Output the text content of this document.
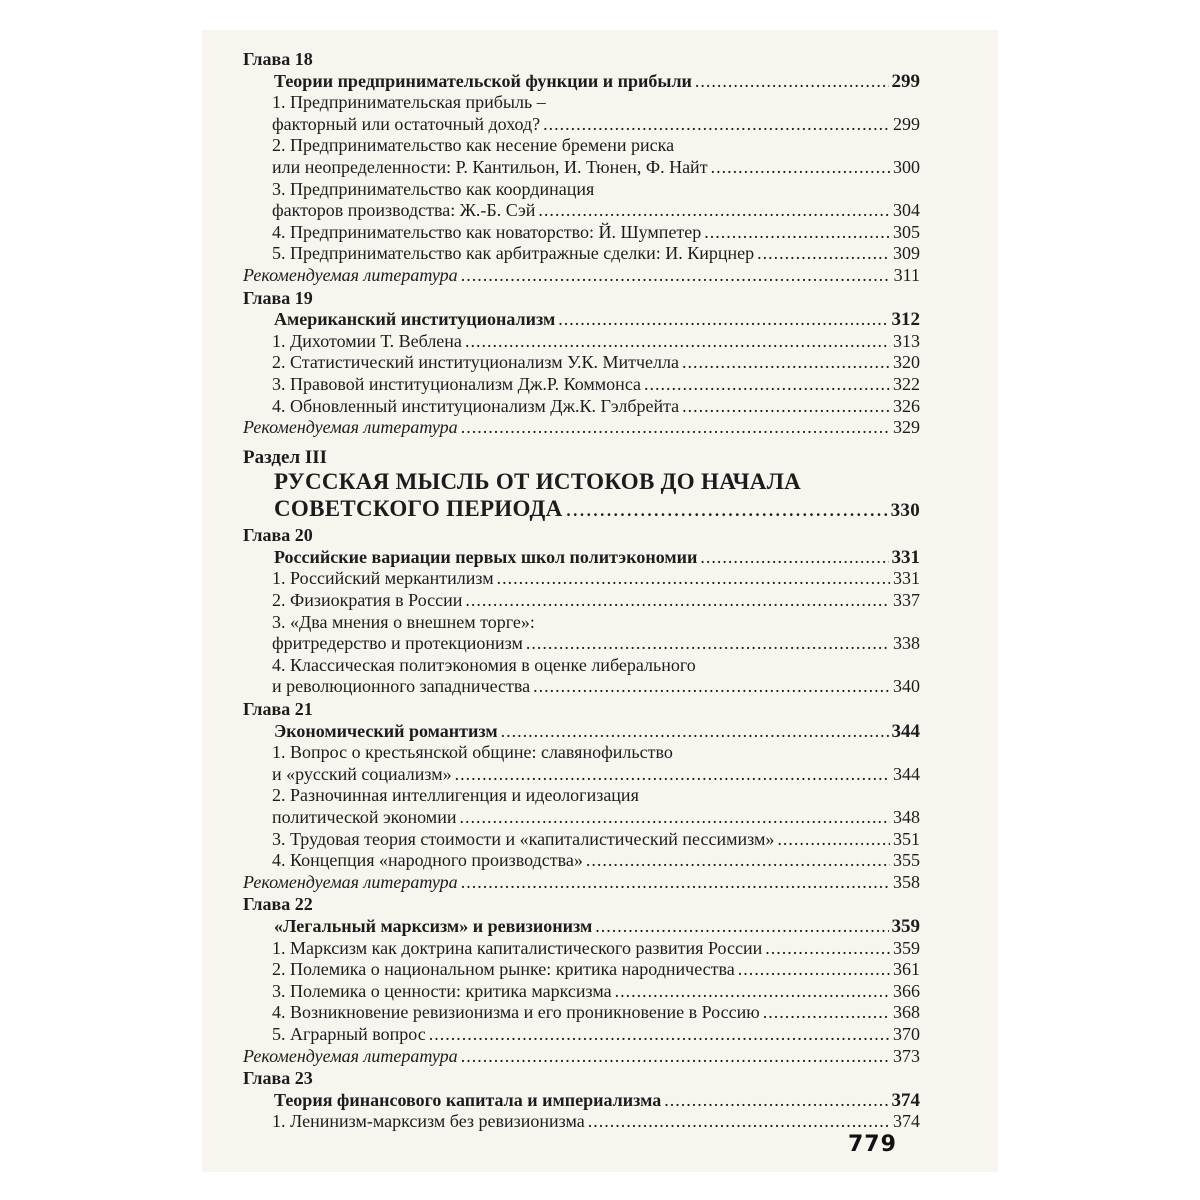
Глава 18
Теории предпринимательской функции и прибыли .....	299
1. Предпринимательская прибыль –
факторный или остаточный доход? .....	299
2. Предпринимательство как несение бремени риска
или неопределенности: Р. Кантильон, И. Тюнен, Ф. Найт .....	300
3. Предпринимательство как координация
факторов производства: Ж.-Б. Сэй .....	304
4. Предпринимательство как новаторство: Й. Шумпетер .....	305
5. Предпринимательство как арбитражные сделки: И. Кирцнер .....	309
Рекомендуемая литература .....	311
Глава 19
Американский институционализм .....	312
1. Дихотомии Т. Веблена .....	313
2. Статистический институционализм У.К. Митчелла .....	320
3. Правовой институционализм Дж.Р. Коммонса .....	322
4. Обновленный институционализм Дж.К. Гэлбрейта .....	326
Рекомендуемая литература .....	329
Раздел III
РУССКАЯ МЫСЛЬ ОТ ИСТОКОВ ДО НАЧАЛА
СОВЕТСКОГО ПЕРИОДА .....	330
Глава 20
Российские вариации первых школ политэкономии .....	331
1. Российский меркантилизм .....	331
2. Физиократия в России .....	337
3. «Два мнения о внешнем торге»:
фритредерство и протекционизм .....	338
4. Классическая политэкономия в оценке либерального
и революционного западничества .....	340
Глава 21
Экономический романтизм .....	344
1. Вопрос о крестьянской общине: славянофильство
и «русский социализм» .....	344
2. Разночинная интеллигенция и идеологизация
политической экономии .....	348
3. Трудовая теория стоимости и «капиталистический пессимизм» .....	351
4. Концепция «народного производства» .....	355
Рекомендуемая литература .....	358
Глава 22
«Легальный марксизм» и ревизионизм .....	359
1. Марксизм как доктрина капиталистического развития России .....	359
2. Полемика о национальном рынке: критика народничества .....	361
3. Полемика о ценности: критика марксизма .....	366
4. Возникновение ревизионизма и его проникновение в Россию .....	368
5. Аграрный вопрос .....	370
Рекомендуемая литература .....	373
Глава 23
Теория финансового капитала и империализма .....	374
1. Ленинизм-марксизм без ревизионизма .....	374
779
